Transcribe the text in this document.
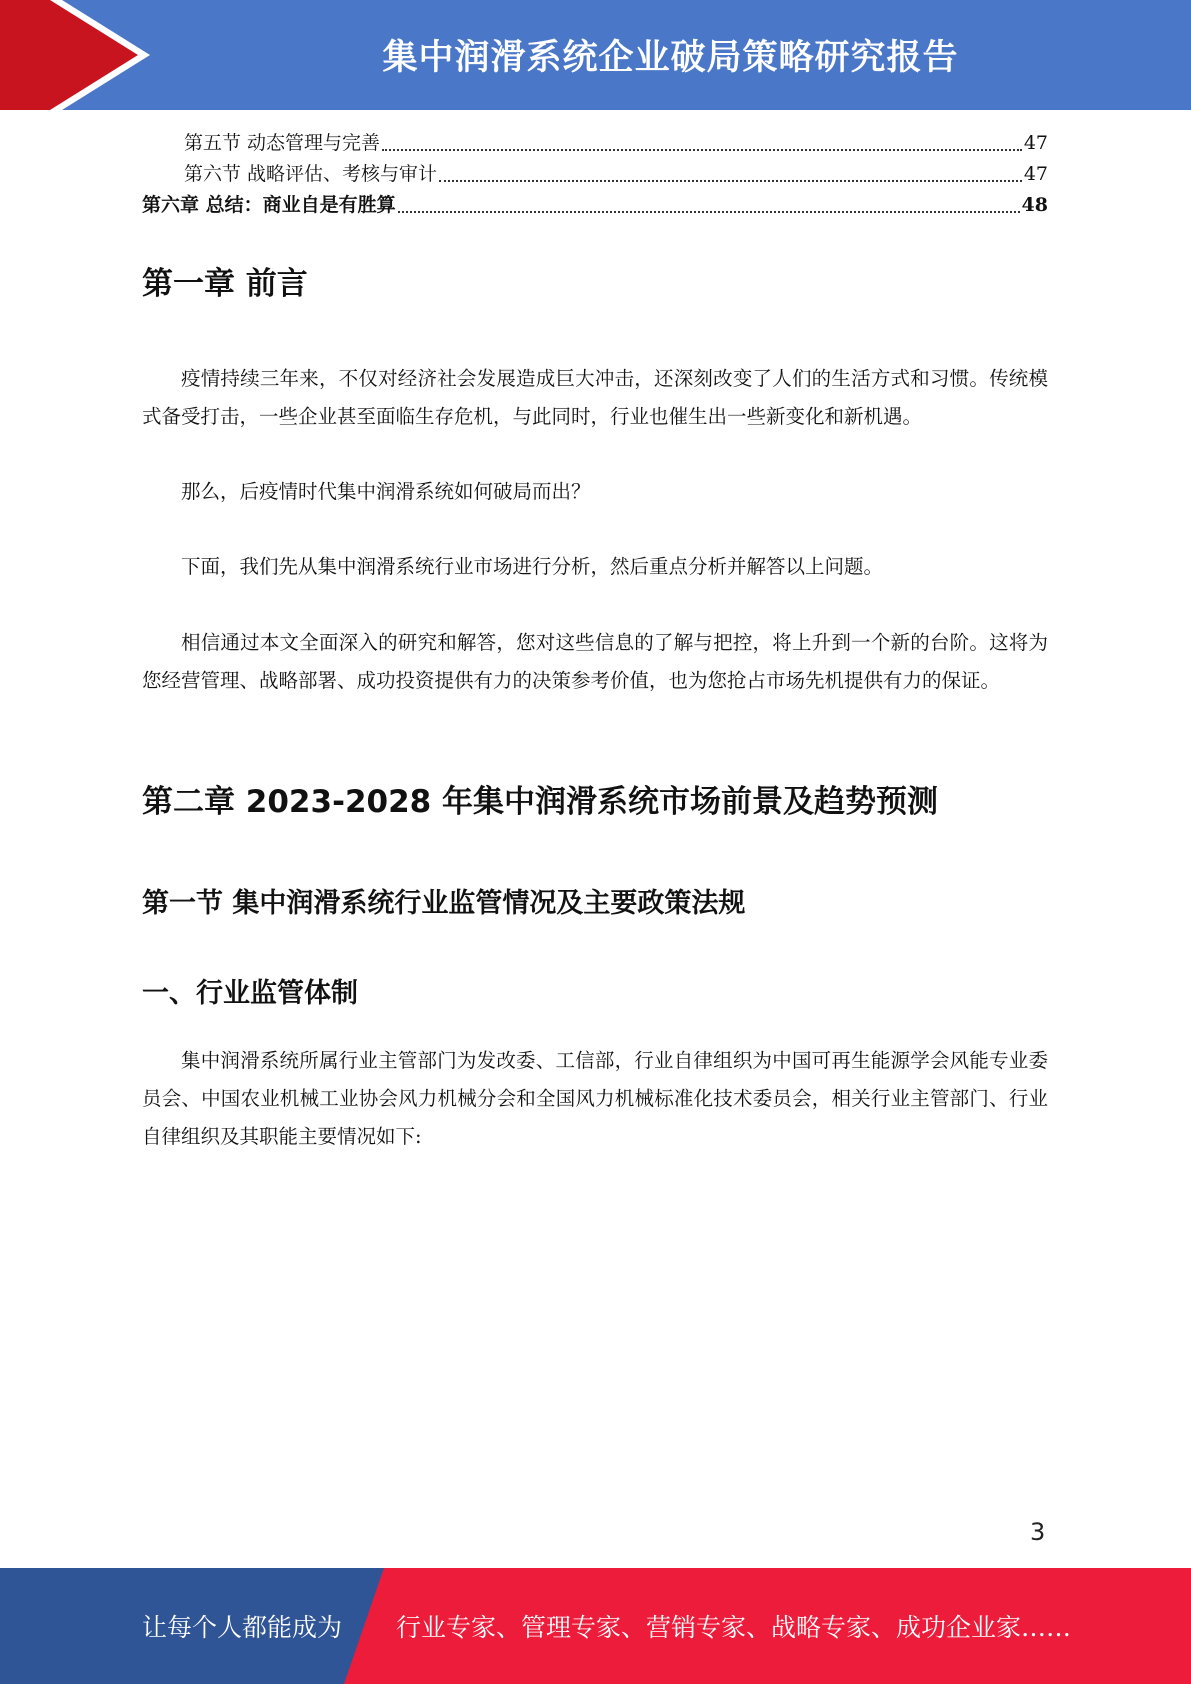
集中润滑系统企业破局策略研究报告
第五节 动态管理与完善	47
第六节 战略评估、考核与审计	47
第六章 总结：商业自是有胜算	48
第一章 前言

疫情持续三年来，不仅对经济社会发展造成巨大冲击，还深刻改变了人们的生活方式和习惯。传统模式备受打击，一些企业甚至面临生存危机，与此同时，行业也催生出一些新变化和新机遇。

那么，后疫情时代集中润滑系统如何破局而出？

下面，我们先从集中润滑系统行业市场进行分析，然后重点分析并解答以上问题。

相信通过本文全面深入的研究和解答，您对这些信息的了解与把控，将上升到一个新的台阶。这将为您经营管理、战略部署、成功投资提供有力的决策参考价值，也为您抢占市场先机提供有力的保证。

第二章 2023-2028 年集中润滑系统市场前景及趋势预测
第一节 集中润滑系统行业监管情况及主要政策法规
一、行业监管体制

集中润滑系统所属行业主管部门为发改委、工信部，行业自律组织为中国可再生能源学会风能专业委员会、中国农业机械工业协会风力机械分会和全国风力机械标准化技术委员会，相关行业主管部门、行业自律组织及其职能主要情况如下:

3
让每个人都能成为 行业专家、管理专家、营销专家、战略专家、成功企业家……
